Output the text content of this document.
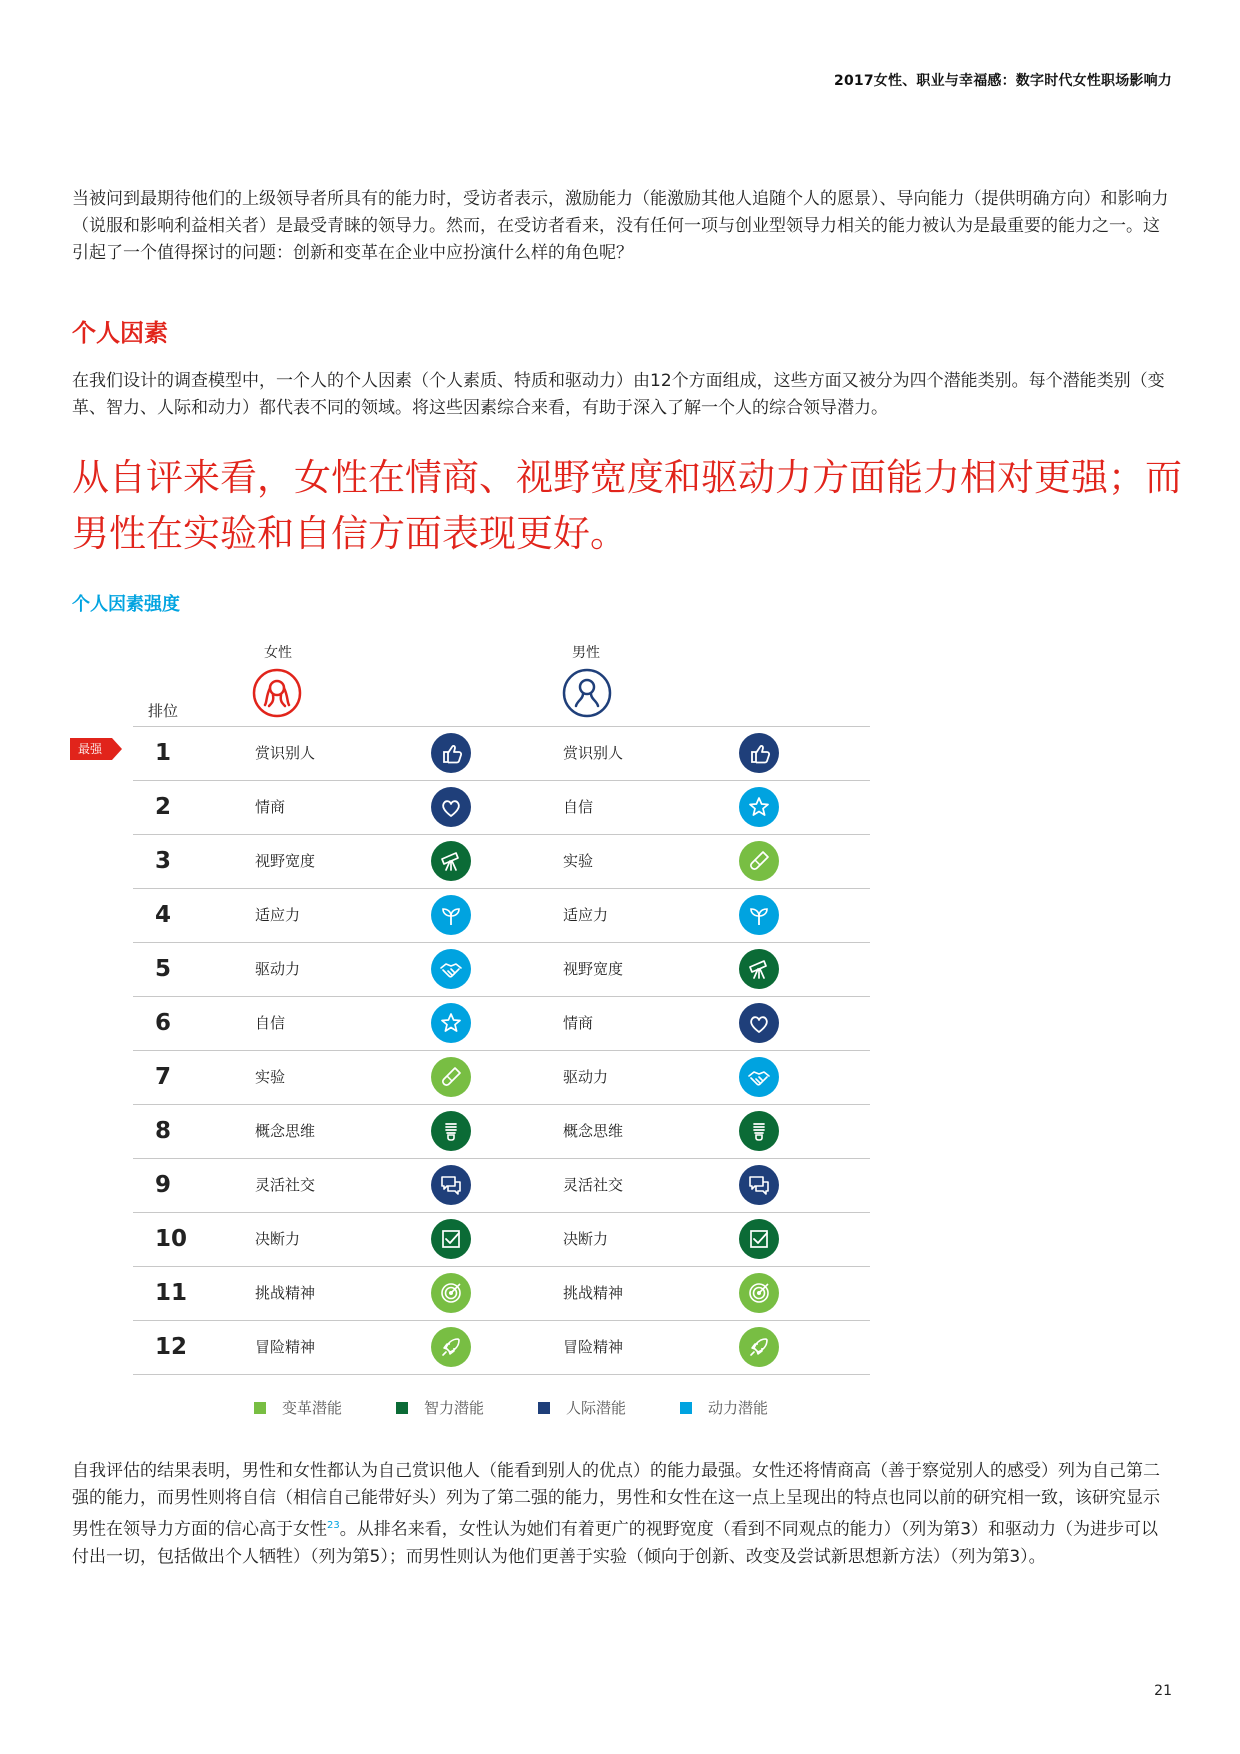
2017女性、职业与幸福感：数字时代女性职场影响力
当被问到最期待他们的上级领导者所具有的能力时，受访者表示，激励能力（能激励其他人追随个人的愿景）、导向能力（提供明确方向）和影响力（说服和影响利益相关者）是最受青睐的领导力。然而，在受访者看来，没有任何一项与创业型领导力相关的能力被认为是最重要的能力之一。这引起了一个值得探讨的问题：创新和变革在企业中应扮演什么样的角色呢？
个人因素
在我们设计的调查模型中，一个人的个人因素（个人素质、特质和驱动力）由12个方面组成，这些方面又被分为四个潜能类别。每个潜能类别（变革、智力、人际和动力）都代表不同的领域。将这些因素综合来看，有助于深入了解一个人的综合领导潜力。
从自评来看，女性在情商、视野宽度和驱动力方面能力相对更强；而男性在实验和自信方面表现更好。
个人因素强度
女性	男性
排位
最强	1	赏识别人	赏识别人
2	情商	自信
3	视野宽度	实验
4	适应力	适应力
5	驱动力	视野宽度
6	自信	情商
7	实验	驱动力
8	概念思维	概念思维
9	灵活社交	灵活社交
10	决断力	决断力
11	挑战精神	挑战精神
12	冒险精神	冒险精神
变革潜能	智力潜能	人际潜能	动力潜能
自我评估的结果表明，男性和女性都认为自己赏识他人（能看到别人的优点）的能力最强。女性还将情商高（善于察觉别人的感受）列为自己第二强的能力，而男性则将自信（相信自己能带好头）列为了第二强的能力，男性和女性在这一点上呈现出的特点也同以前的研究相一致，该研究显示男性在领导力方面的信心高于女性$^{23}$。从排名来看，女性认为她们有着更广的视野宽度（看到不同观点的能力）（列为第3）和驱动力（为进步可以付出一切，包括做出个人牺牲）（列为第5）；而男性则认为他们更善于实验（倾向于创新、改变及尝试新思想新方法）（列为第3）。
21
